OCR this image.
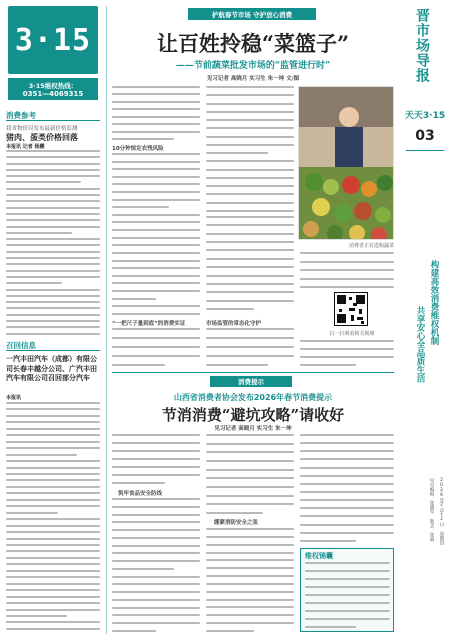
3·15
3·15维权热线：
0351—4069315
消费参考
我省物价局发布最新价格监测
猪肉、蛋类价格回落
本报讯 记者 杨鹏
召回信息
一汽丰田汽车（成都）有限公司长春丰越分公司、广汽丰田汽车有限公司召回部分汽车
本报讯
护航春节市场 守护放心消费
让百姓拎稳“菜篮子”
——节前蔬菜批发市场的“监管进行时”
见习记者 高晓月 实习生 朱一坤 文/图
10分钟惊定农残风险
“一把尺子量到底”的消费实证
消费者正在选购蔬菜
市场监管的常态化守护
扫一扫观看相关视频
晋市场导报
天天3·15
03
构建高效消费维权机制
共享安心全品质生活
见习编辑：张晓军 版式：张丽 2026年2月12日 星期四
消费提示
山西省消费者协会发布2026年春节消费提示
节消消费“避坑攻略”请收好
见习记者 高晓月 实习生 朱一坤
筑牢食品安全防线
绷紧消防安全之弦
维权锦囊
